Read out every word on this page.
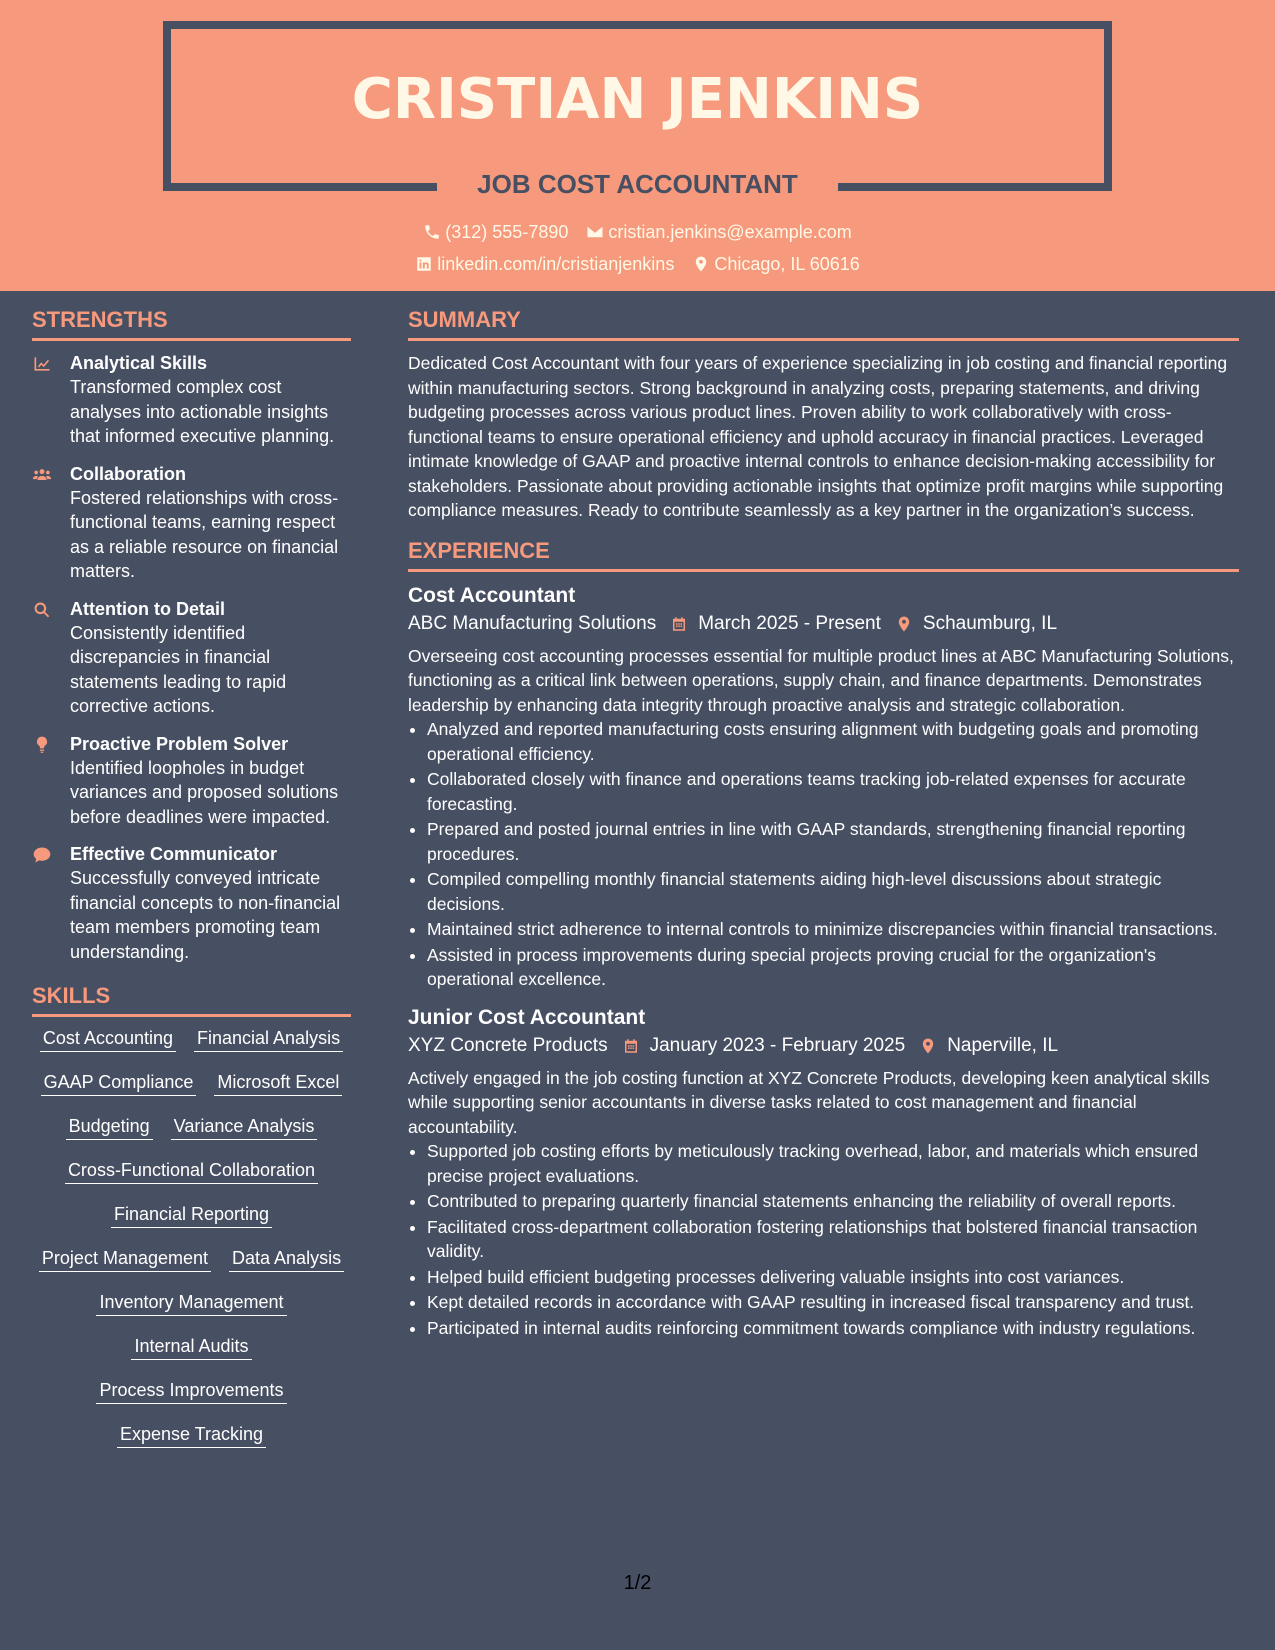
CRISTIAN JENKINS
JOB COST ACCOUNTANT
(312) 555-7890 cristian.jenkins@example.com
linkedin.com/in/cristianjenkins Chicago, IL 60616
STRENGTHS
Analytical Skills
Transformed complex cost analyses into actionable insights that informed executive planning.
Collaboration
Fostered relationships with cross-functional teams, earning respect as a reliable resource on financial matters.
Attention to Detail
Consistently identified discrepancies in financial statements leading to rapid corrective actions.
Proactive Problem Solver
Identified loopholes in budget variances and proposed solutions before deadlines were impacted.
Effective Communicator
Successfully conveyed intricate financial concepts to non-financial team members promoting team understanding.
SKILLS
Cost Accounting Financial Analysis
GAAP Compliance Microsoft Excel
Budgeting Variance Analysis
Cross-Functional Collaboration
Financial Reporting
Project Management Data Analysis
Inventory Management
Internal Audits
Process Improvements
Expense Tracking
SUMMARY

Dedicated Cost Accountant with four years of experience specializing in job costing and financial reporting within manufacturing sectors. Strong background in analyzing costs, preparing statements, and driving budgeting processes across various product lines. Proven ability to work collaboratively with cross-functional teams to ensure operational efficiency and uphold accuracy in financial practices. Leveraged intimate knowledge of GAAP and proactive internal controls to enhance decision-making accessibility for stakeholders. Passionate about providing actionable insights that optimize profit margins while supporting compliance measures. Ready to contribute seamlessly as a key partner in the organization’s success.

EXPERIENCE
Cost Accountant
ABC Manufacturing Solutions March 2025 - Present Schaumburg, IL
Overseeing cost accounting processes essential for multiple product lines at ABC Manufacturing Solutions, functioning as a critical link between operations, supply chain, and finance departments. Demonstrates leadership by enhancing data integrity through proactive analysis and strategic collaboration.
• Analyzed and reported manufacturing costs ensuring alignment with budgeting goals and promoting operational efficiency.
• Collaborated closely with finance and operations teams tracking job-related expenses for accurate forecasting.
• Prepared and posted journal entries in line with GAAP standards, strengthening financial reporting procedures.
• Compiled compelling monthly financial statements aiding high-level discussions about strategic decisions.
• Maintained strict adherence to internal controls to minimize discrepancies within financial transactions.
• Assisted in process improvements during special projects proving crucial for the organization's operational excellence.
Junior Cost Accountant
XYZ Concrete Products January 2023 - February 2025 Naperville, IL
Actively engaged in the job costing function at XYZ Concrete Products, developing keen analytical skills while supporting senior accountants in diverse tasks related to cost management and financial accountability.
• Supported job costing efforts by meticulously tracking overhead, labor, and materials which ensured precise project evaluations.
• Contributed to preparing quarterly financial statements enhancing the reliability of overall reports.
• Facilitated cross-department collaboration fostering relationships that bolstered financial transaction validity.
• Helped build efficient budgeting processes delivering valuable insights into cost variances.
• Kept detailed records in accordance with GAAP resulting in increased fiscal transparency and trust.
• Participated in internal audits reinforcing commitment towards compliance with industry regulations.
1/2
